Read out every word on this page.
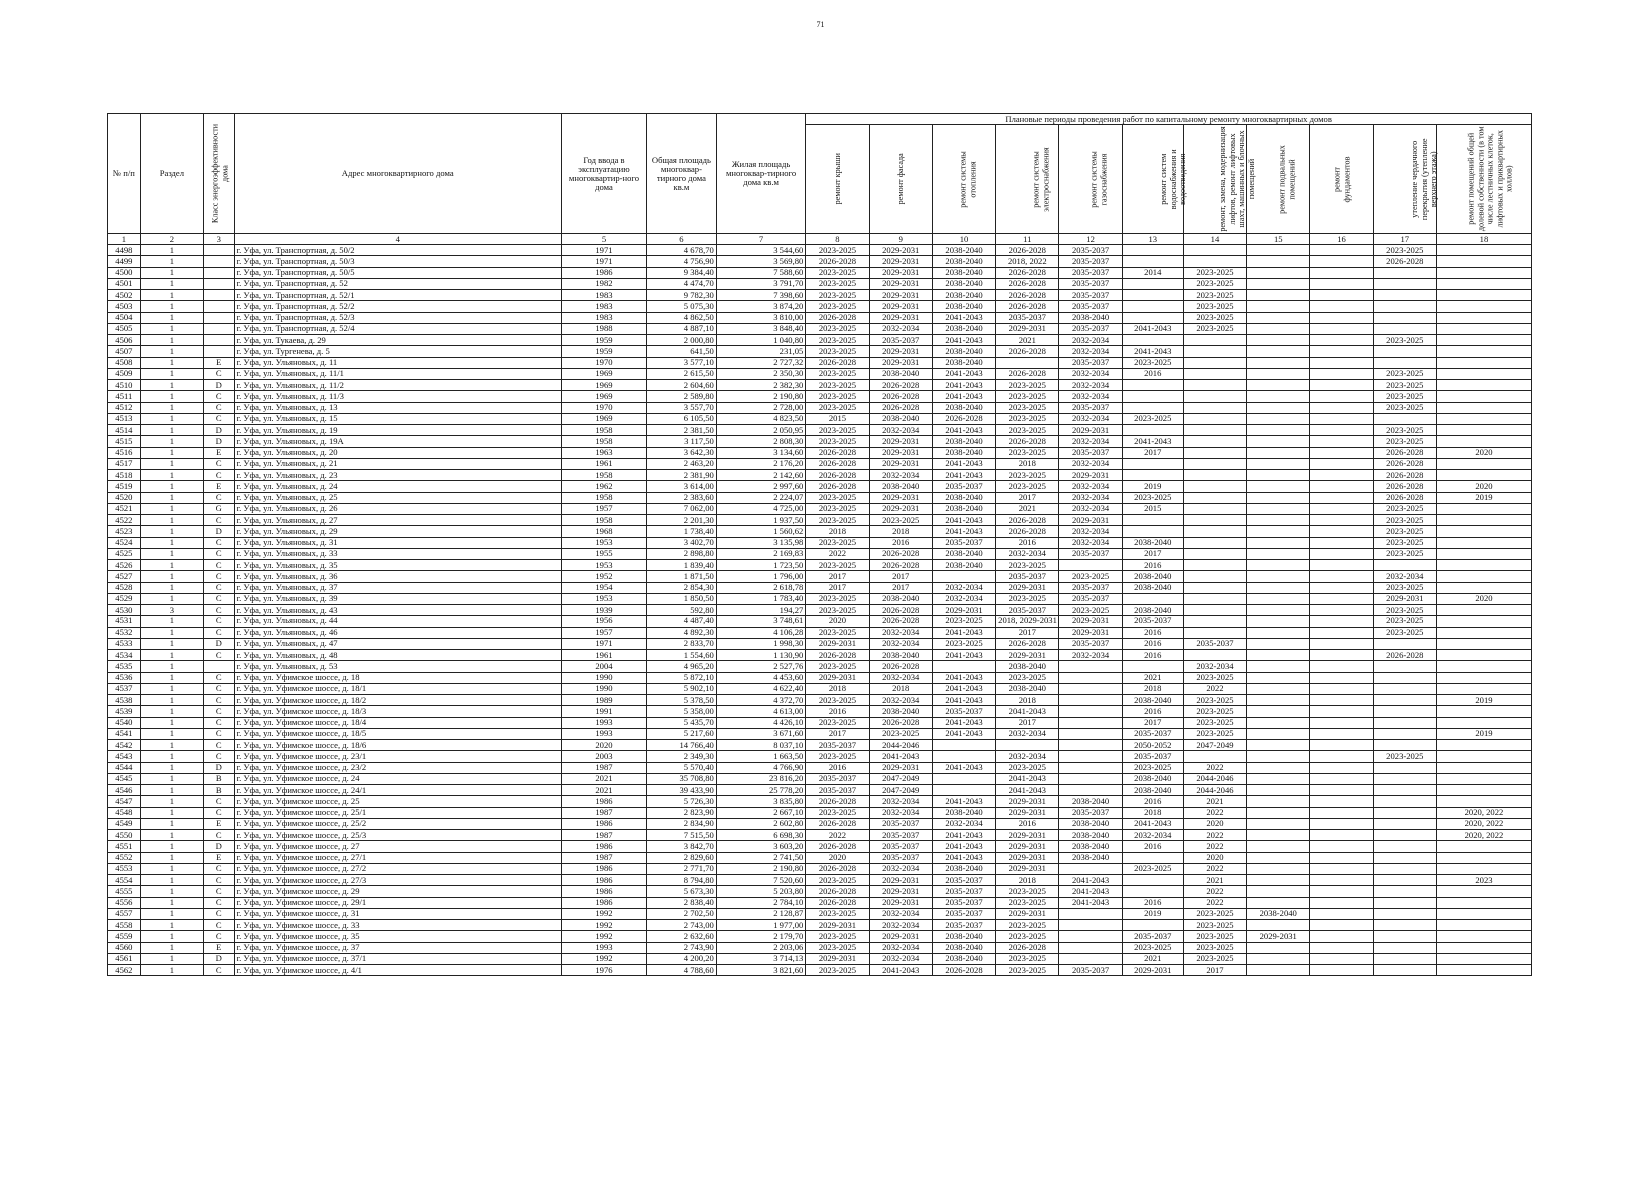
71
№ п/п	Раздел	Класс энергоэффективности дома	Адрес многоквартирного дома	Год ввода в эксплуатацию многоквартир-ного дома	Общая площадь многоквар-тирного дома кв.м	Жилая площадь многоквар-тирного дома кв.м	Плановые периоды проведения работ по капитальному ремонту многоквартирных домов										
							ремонт крыши	ремонт фасада	ремонт системы отопления	ремонт системы электроснабжения	ремонт системы газоснабжения	ремонт систем водоснабжения и водоотведения	ремонт, замена, модернизация лифтов, ремонт лифтовых шахт, машинных и блочных помещений	ремонт подвальных помещений	ремонт фундаментов	утепление чердачного перекрытия (утепление верхнего этажа)	ремонт помещений общей долевой собственности (в том числе лестничных клеток, лифтовых и приквартирных холлов)
1	2	3	4	5	6	7	8	9	10	11	12	13	14	15	16	17	18
4498	1		г. Уфа, ул. Транспортная, д. 50/2	1971	4 678,70	3 544,60	2023-2025	2029-2031	2038-2040	2026-2028	2035-2037					2023-2025	
4499	1		г. Уфа, ул. Транспортная, д. 50/3	1971	4 756,90	3 569,80	2026-2028	2029-2031	2038-2040	2018, 2022	2035-2037					2026-2028	
4500	1		г. Уфа, ул. Транспортная, д. 50/5	1986	9 384,40	7 588,60	2023-2025	2029-2031	2038-2040	2026-2028	2035-2037	2014	2023-2025				
4501	1		г. Уфа, ул. Транспортная, д. 52	1982	4 474,70	3 791,70	2023-2025	2029-2031	2038-2040	2026-2028	2035-2037		2023-2025				
4502	1		г. Уфа, ул. Транспортная, д. 52/1	1983	9 782,30	7 398,60	2023-2025	2029-2031	2038-2040	2026-2028	2035-2037		2023-2025				
4503	1		г. Уфа, ул. Транспортная, д. 52/2	1983	5 075,30	3 874,20	2023-2025	2029-2031	2038-2040	2026-2028	2035-2037		2023-2025				
4504	1		г. Уфа, ул. Транспортная, д. 52/3	1983	4 862,50	3 810,00	2026-2028	2029-2031	2041-2043	2035-2037	2038-2040		2023-2025				
4505	1		г. Уфа, ул. Транспортная, д. 52/4	1988	4 887,10	3 848,40	2023-2025	2032-2034	2038-2040	2029-2031	2035-2037	2041-2043	2023-2025				
4506	1		г. Уфа, ул. Тукаева, д. 29	1959	2 000,80	1 040,80	2023-2025	2035-2037	2041-2043	2021	2032-2034					2023-2025	
4507	1		г. Уфа, ул. Тургенева, д. 5	1959	641,50	231,05	2023-2025	2029-2031	2038-2040	2026-2028	2032-2034	2041-2043					
4508	1	E	г. Уфа, ул. Ульяновых, д. 11	1970	3 577,10	2 727,32	2026-2028	2029-2031	2038-2040		2035-2037	2023-2025					
4509	1	C	г. Уфа, ул. Ульяновых, д. 11/1	1969	2 615,50	2 350,30	2023-2025	2038-2040	2041-2043	2026-2028	2032-2034	2016				2023-2025	
4510	1	D	г. Уфа, ул. Ульяновых, д. 11/2	1969	2 604,60	2 382,30	2023-2025	2026-2028	2041-2043	2023-2025	2032-2034					2023-2025	
4511	1	C	г. Уфа, ул. Ульяновых, д. 11/3	1969	2 589,80	2 190,80	2023-2025	2026-2028	2041-2043	2023-2025	2032-2034					2023-2025	
4512	1	C	г. Уфа, ул. Ульяновых, д. 13	1970	3 557,70	2 728,00	2023-2025	2026-2028	2038-2040	2023-2025	2035-2037					2023-2025	
4513	1	C	г. Уфа, ул. Ульяновых, д. 15	1969	6 105,50	4 823,50	2015	2038-2040	2026-2028	2023-2025	2032-2034	2023-2025					
4514	1	D	г. Уфа, ул. Ульяновых, д. 19	1958	2 381,50	2 050,95	2023-2025	2032-2034	2041-2043	2023-2025	2029-2031					2023-2025	
4515	1	D	г. Уфа, ул. Ульяновых, д. 19А	1958	3 117,50	2 808,30	2023-2025	2029-2031	2038-2040	2026-2028	2032-2034	2041-2043				2023-2025	
4516	1	E	г. Уфа, ул. Ульяновых, д. 20	1963	3 642,30	3 134,60	2026-2028	2029-2031	2038-2040	2023-2025	2035-2037	2017				2026-2028	2020
4517	1	C	г. Уфа, ул. Ульяновых, д. 21	1961	2 463,20	2 176,20	2026-2028	2029-2031	2041-2043	2018	2032-2034					2026-2028	
4518	1	C	г. Уфа, ул. Ульяновых, д. 23	1958	2 381,90	2 142,60	2026-2028	2032-2034	2041-2043	2023-2025	2029-2031					2026-2028	
4519	1	E	г. Уфа, ул. Ульяновых, д. 24	1962	3 614,00	2 997,60	2026-2028	2038-2040	2035-2037	2023-2025	2032-2034	2019				2026-2028	2020
4520	1	C	г. Уфа, ул. Ульяновых, д. 25	1958	2 383,60	2 224,07	2023-2025	2029-2031	2038-2040	2017	2032-2034	2023-2025				2026-2028	2019
4521	1	G	г. Уфа, ул. Ульяновых, д. 26	1957	7 062,00	4 725,00	2023-2025	2029-2031	2038-2040	2021	2032-2034	2015				2023-2025	
4522	1	C	г. Уфа, ул. Ульяновых, д. 27	1958	2 201,30	1 937,50	2023-2025	2023-2025	2041-2043	2026-2028	2029-2031					2023-2025	
4523	1	D	г. Уфа, ул. Ульяновых, д. 29	1968	1 738,40	1 560,62	2018	2018	2041-2043	2026-2028	2032-2034					2023-2025	
4524	1	C	г. Уфа, ул. Ульяновых, д. 31	1953	3 402,70	3 135,98	2023-2025	2016	2035-2037	2016	2032-2034	2038-2040				2023-2025	
4525	1	C	г. Уфа, ул. Ульяновых, д. 33	1955	2 898,80	2 169,83	2022	2026-2028	2038-2040	2032-2034	2035-2037	2017				2023-2025	
4526	1	C	г. Уфа, ул. Ульяновых, д. 35	1953	1 839,40	1 723,50	2023-2025	2026-2028	2038-2040	2023-2025		2016					
4527	1	C	г. Уфа, ул. Ульяновых, д. 36	1952	1 871,50	1 796,00	2017	2017		2035-2037	2023-2025	2038-2040				2032-2034	
4528	1	C	г. Уфа, ул. Ульяновых, д. 37	1954	2 854,30	2 618,78	2017	2017	2032-2034	2029-2031	2035-2037	2038-2040				2023-2025	
4529	1	C	г. Уфа, ул. Ульяновых, д. 39	1953	1 850,50	1 783,40	2023-2025	2038-2040	2032-2034	2023-2025	2035-2037					2029-2031	2020
4530	3	C	г. Уфа, ул. Ульяновых, д. 43	1939	592,80	194,27	2023-2025	2026-2028	2029-2031	2035-2037	2023-2025	2038-2040				2023-2025	
4531	1	C	г. Уфа, ул. Ульяновых, д. 44	1956	4 487,40	3 748,61	2020	2026-2028	2023-2025	2018, 2029-2031	2029-2031	2035-2037				2023-2025	
4532	1	C	г. Уфа, ул. Ульяновых, д. 46	1957	4 892,30	4 106,28	2023-2025	2032-2034	2041-2043	2017	2029-2031	2016				2023-2025	
4533	1	D	г. Уфа, ул. Ульяновых, д. 47	1971	2 833,70	1 998,30	2029-2031	2032-2034	2023-2025	2026-2028	2035-2037	2016	2035-2037				
4534	1	C	г. Уфа, ул. Ульяновых, д. 48	1961	1 554,60	1 130,90	2026-2028	2038-2040	2041-2043	2029-2031	2032-2034	2016				2026-2028	
4535	1		г. Уфа, ул. Ульяновых, д. 53	2004	4 965,20	2 527,76	2023-2025	2026-2028		2038-2040			2032-2034				
4536	1	C	г. Уфа, ул. Уфимское шоссе, д. 18	1990	5 872,10	4 453,60	2029-2031	2032-2034	2041-2043	2023-2025		2021	2023-2025				
4537	1	C	г. Уфа, ул. Уфимское шоссе, д. 18/1	1990	5 902,10	4 622,40	2018	2018	2041-2043	2038-2040		2018	2022				
4538	1	C	г. Уфа, ул. Уфимское шоссе, д. 18/2	1989	5 378,50	4 372,70	2023-2025	2032-2034	2041-2043	2018		2038-2040	2023-2025				2019
4539	1	C	г. Уфа, ул. Уфимское шоссе, д. 18/3	1991	5 358,00	4 613,00	2016	2038-2040	2035-2037	2041-2043		2016	2023-2025				
4540	1	C	г. Уфа, ул. Уфимское шоссе, д. 18/4	1993	5 435,70	4 426,10	2023-2025	2026-2028	2041-2043	2017		2017	2023-2025				
4541	1	C	г. Уфа, ул. Уфимское шоссе, д. 18/5	1993	5 217,60	3 671,60	2017	2023-2025	2041-2043	2032-2034		2035-2037	2023-2025				2019
4542	1	C	г. Уфа, ул. Уфимское шоссе, д. 18/6	2020	14 766,40	8 037,10	2035-2037	2044-2046				2050-2052	2047-2049				
4543	1	C	г. Уфа, ул. Уфимское шоссе, д. 23/1	2003	2 349,30	1 663,50	2023-2025	2041-2043		2032-2034		2035-2037				2023-2025	
4544	1	D	г. Уфа, ул. Уфимское шоссе, д. 23/2	1987	5 570,40	4 766,90	2016	2029-2031	2041-2043	2023-2025		2023-2025	2022				
4545	1	B	г. Уфа, ул. Уфимское шоссе, д. 24	2021	35 708,80	23 816,20	2035-2037	2047-2049		2041-2043		2038-2040	2044-2046				
4546	1	B	г. Уфа, ул. Уфимское шоссе, д. 24/1	2021	39 433,90	25 778,20	2035-2037	2047-2049		2041-2043		2038-2040	2044-2046				
4547	1	C	г. Уфа, ул. Уфимское шоссе, д. 25	1986	5 726,30	3 835,80	2026-2028	2032-2034	2041-2043	2029-2031	2038-2040	2016	2021				
4548	1	C	г. Уфа, ул. Уфимское шоссе, д. 25/1	1987	2 823,90	2 667,10	2023-2025	2032-2034	2038-2040	2029-2031	2035-2037	2018	2022				2020, 2022
4549	1	E	г. Уфа, ул. Уфимское шоссе, д. 25/2	1986	2 834,90	2 602,80	2026-2028	2035-2037	2032-2034	2016	2038-2040	2041-2043	2020				2020, 2022
4550	1	C	г. Уфа, ул. Уфимское шоссе, д. 25/3	1987	7 515,50	6 698,30	2022	2035-2037	2041-2043	2029-2031	2038-2040	2032-2034	2022				2020, 2022
4551	1	D	г. Уфа, ул. Уфимское шоссе, д. 27	1986	3 842,70	3 603,20	2026-2028	2035-2037	2041-2043	2029-2031	2038-2040	2016	2022				
4552	1	E	г. Уфа, ул. Уфимское шоссе, д. 27/1	1987	2 829,60	2 741,50	2020	2035-2037	2041-2043	2029-2031	2038-2040		2020				
4553	1	C	г. Уфа, ул. Уфимское шоссе, д. 27/2	1986	2 771,70	2 190,80	2026-2028	2032-2034	2038-2040	2029-2031		2023-2025	2022				
4554	1	C	г. Уфа, ул. Уфимское шоссе, д. 27/3	1986	8 794,80	7 520,60	2023-2025	2029-2031	2035-2037	2018	2041-2043		2021				2023
4555	1	C	г. Уфа, ул. Уфимское шоссе, д. 29	1986	5 673,30	5 203,80	2026-2028	2029-2031	2035-2037	2023-2025	2041-2043		2022				
4556	1	C	г. Уфа, ул. Уфимское шоссе, д. 29/1	1986	2 838,40	2 784,10	2026-2028	2029-2031	2035-2037	2023-2025	2041-2043	2016	2022				
4557	1	C	г. Уфа, ул. Уфимское шоссе, д. 31	1992	2 702,50	2 128,87	2023-2025	2032-2034	2035-2037	2029-2031		2019	2023-2025	2038-2040			
4558	1	C	г. Уфа, ул. Уфимское шоссе, д. 33	1992	2 743,00	1 977,00	2029-2031	2032-2034	2035-2037	2023-2025			2023-2025				
4559	1	C	г. Уфа, ул. Уфимское шоссе, д. 35	1992	2 632,60	2 179,70	2023-2025	2029-2031	2038-2040	2023-2025		2035-2037	2023-2025	2029-2031			
4560	1	E	г. Уфа, ул. Уфимское шоссе, д. 37	1993	2 743,90	2 203,06	2023-2025	2032-2034	2038-2040	2026-2028		2023-2025	2023-2025				
4561	1	D	г. Уфа, ул. Уфимское шоссе, д. 37/1	1992	4 200,20	3 714,13	2029-2031	2032-2034	2038-2040	2023-2025		2021	2023-2025				
4562	1	C	г. Уфа, ул. Уфимское шоссе, д. 4/1	1976	4 788,60	3 821,60	2023-2025	2041-2043	2026-2028	2023-2025	2035-2037	2029-2031	2017				
